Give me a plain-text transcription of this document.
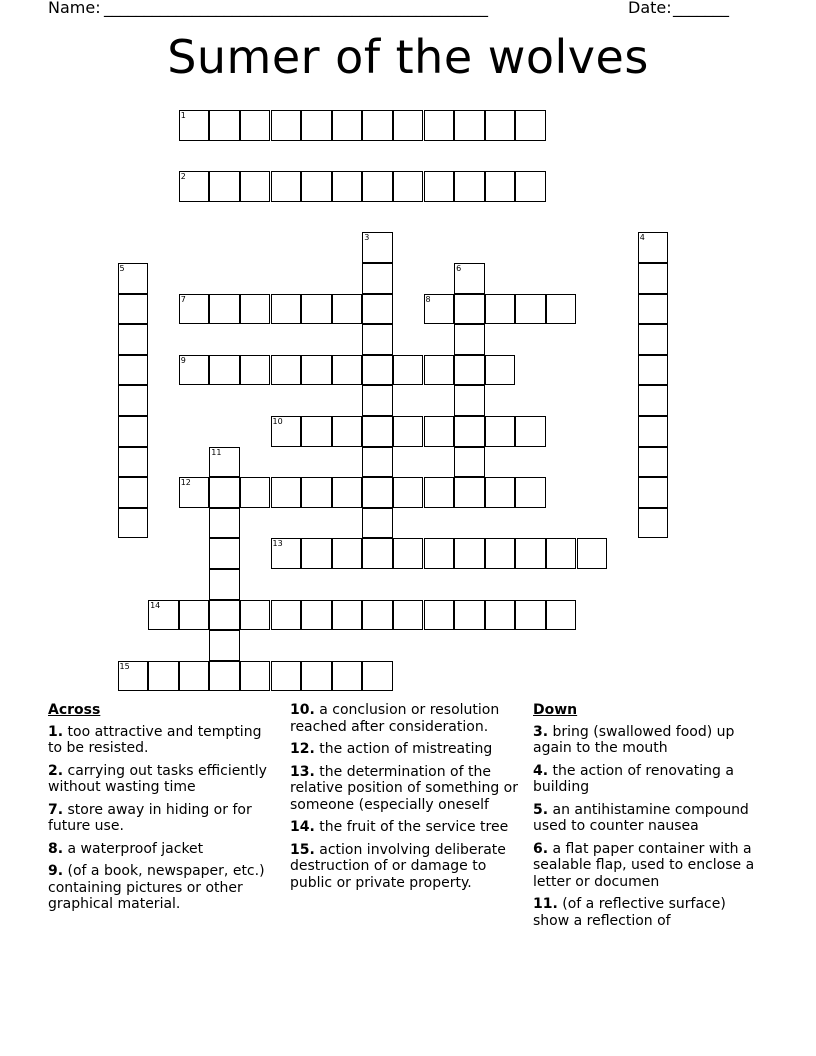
Name: ________________________________________________	Date: _______
Sumer of the wolves
1
2
3	4
5	6
7	8
9
10
11
12
13
14
15
Across
1. too attractive and tempting to be resisted.
2. carrying out tasks efficiently without wasting time
7. store away in hiding or for future use.
8. a waterproof jacket
9. (of a book, newspaper, etc.) containing pictures or other graphical material.
10. a conclusion or resolution reached after consideration.
12. the action of mistreating
13. the determination of the relative position of something or someone (especially oneself
14. the fruit of the service tree
15. action involving deliberate destruction of or damage to public or private property.
Down
3. bring (swallowed food) up again to the mouth
4. the action of renovating a building
5. an antihistamine compound used to counter nausea
6. a flat paper container with a sealable flap, used to enclose a letter or documen
11. (of a reflective surface) show a reflection of
